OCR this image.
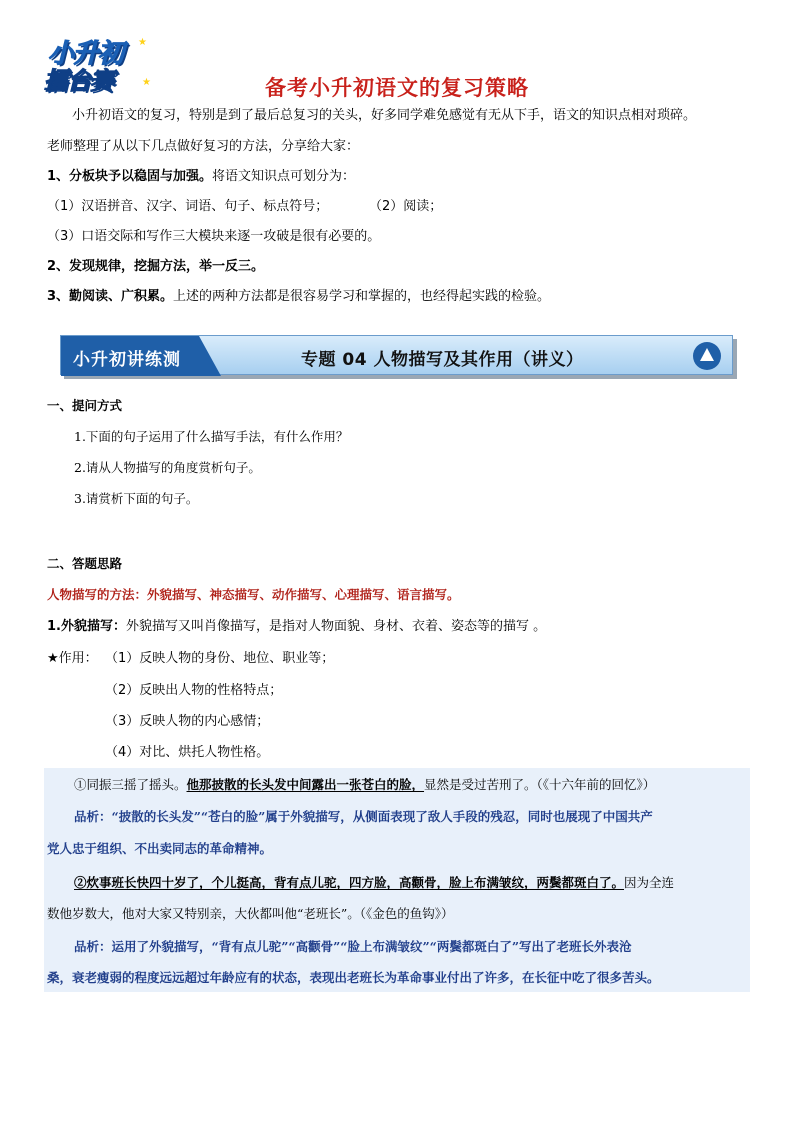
小升初
擂台赛
★
★	备考小升初语文的复习策略
小升初语文的复习，特别是到了最后总复习的关头，好多同学难免感觉有无从下手，语文的知识点相对琐碎。
老师整理了从以下几点做好复习的方法，分享给大家：
1、分板块予以稳固与加强。将语文知识点可划分为：
（1）汉语拼音、汉字、词语、句子、标点符号；	（2）阅读；
（3）口语交际和写作三大模块来逐一攻破是很有必要的。
2、发现规律，挖掘方法，举一反三。
3、勤阅读、广积累。上述的两种方法都是很容易学习和掌握的，也经得起实践的检验。
小升初讲练测	专题 04 人物描写及其作用（讲义）
一、提问方式
1.下面的句子运用了什么描写手法，有什么作用？
2.请从人物描写的角度赏析句子。
3.请赏析下面的句子。
二、答题思路
人物描写的方法：外貌描写、神态描写、动作描写、心理描写、语言描写。
1.外貌描写：外貌描写又叫肖像描写，是指对人物面貌、身材、衣着、姿态等的描写 。
★作用： （1）反映人物的身份、地位、职业等；
（2）反映出人物的性格特点；
（3）反映人物的内心感情；
（4）对比、烘托人物性格。
①同振三摇了摇头。他那披散的长头发中间露出一张苍白的脸，显然是受过苦刑了。（《十六年前的回忆》）
品析：“披散的长头发”“苍白的脸”属于外貌描写，从侧面表现了敌人手段的残忍，同时也展现了中国共产
党人忠于组织、不出卖同志的革命精神。
②炊事班长快四十岁了，个儿挺高，背有点儿驼，四方脸，高颧骨，脸上布满皱纹，两鬓都斑白了。因为全连
数他岁数大，他对大家又特别亲，大伙都叫他“老班长”。（《金色的鱼钩》）
品析：运用了外貌描写，“背有点儿驼”“高颧骨”“脸上布满皱纹”“两鬓都斑白了”写出了老班长外表沧
桑，衰老瘦弱的程度远远超过年龄应有的状态，表现出老班长为革命事业付出了许多，在长征中吃了很多苦头。
